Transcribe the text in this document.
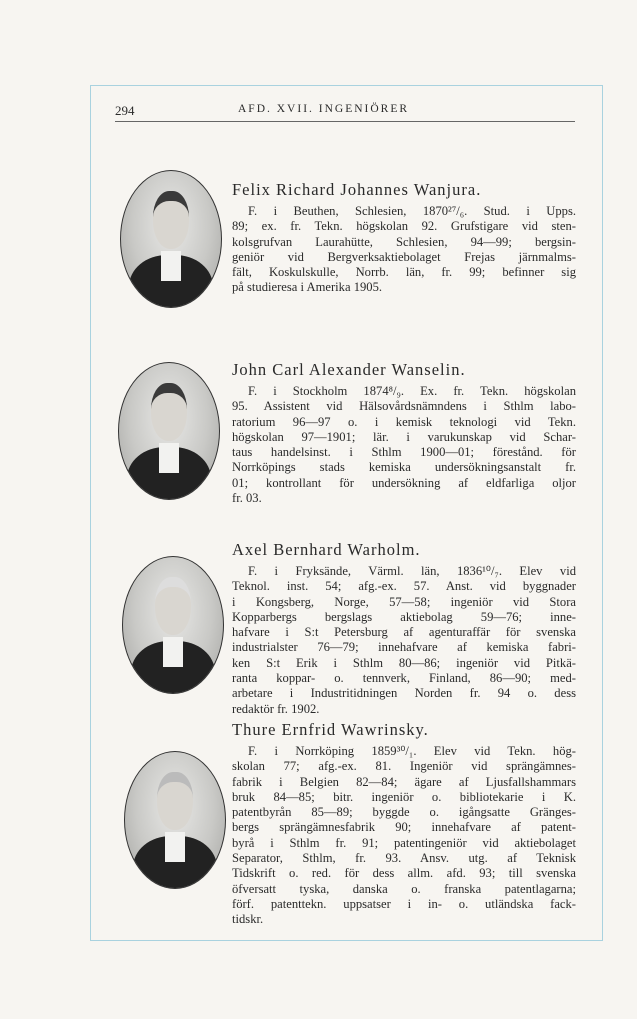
294	AFD. XVII. INGENIÖRER
Felix Richard Johannes Wanjura.
F. i Beuthen, Schlesien, 1870²⁷/₆. Stud. i Upps.
89; ex. fr. Tekn. högskolan 92. Grufstigare vid sten-
kolsgrufvan Laurahütte, Schlesien, 94—99; bergsin-
geniör vid Bergverksaktiebolaget Frejas järnmalms-
fält, Koskulskulle, Norrb. län, fr. 99; befinner sig
på studieresa i Amerika 1905.
John Carl Alexander Wanselin.
F. i Stockholm 1874⁸/₉. Ex. fr. Tekn. högskolan
95. Assistent vid Hälsovårdsnämndens i Sthlm labo-
ratorium 96—97 o. i kemisk teknologi vid Tekn.
högskolan 97—1901; lär. i varukunskap vid Schar-
taus handelsinst. i Sthlm 1900—01; förestånd. för
Norrköpings stads kemiska undersökningsanstalt fr.
01; kontrollant för undersökning af eldfarliga oljor
fr. 03.
Axel Bernhard Warholm.
F. i Fryksände, Värml. län, 1836¹⁰/₇. Elev vid
Teknol. inst. 54; afg.-ex. 57. Anst. vid byggnader
i Kongsberg, Norge, 57—58; ingeniör vid Stora
Kopparbergs bergslags aktiebolag 59—76; inne-
hafvare i S:t Petersburg af agenturaffär för svenska
industrialster 76—79; innehafvare af kemiska fabri-
ken S:t Erik i Sthlm 80—86; ingeniör vid Pitkä-
ranta koppar- o. tennverk, Finland, 86—90; med-
arbetare i Industritidningen Norden fr. 94 o. dess
redaktör fr. 1902.
Thure Ernfrid Wawrinsky.
F. i Norrköping 1859³⁰/₁. Elev vid Tekn. hög-
skolan 77; afg.-ex. 81. Ingeniör vid sprängämnes-
fabrik i Belgien 82—84; ägare af Ljusfallshammars
bruk 84—85; bitr. ingeniör o. bibliotekarie i K.
patentbyrån 85—89; byggde o. igångsatte Gränges-
bergs sprängämnesfabrik 90; innehafvare af patent-
byrå i Sthlm fr. 91; patentingeniör vid aktiebolaget
Separator, Sthlm, fr. 93. Ansv. utg. af Teknisk
Tidskrift o. red. för dess allm. afd. 93; till svenska
öfversatt tyska, danska o. franska patentlagarna;
förf. patenttekn. uppsatser i in- o. utländska fack-
tidskr.
